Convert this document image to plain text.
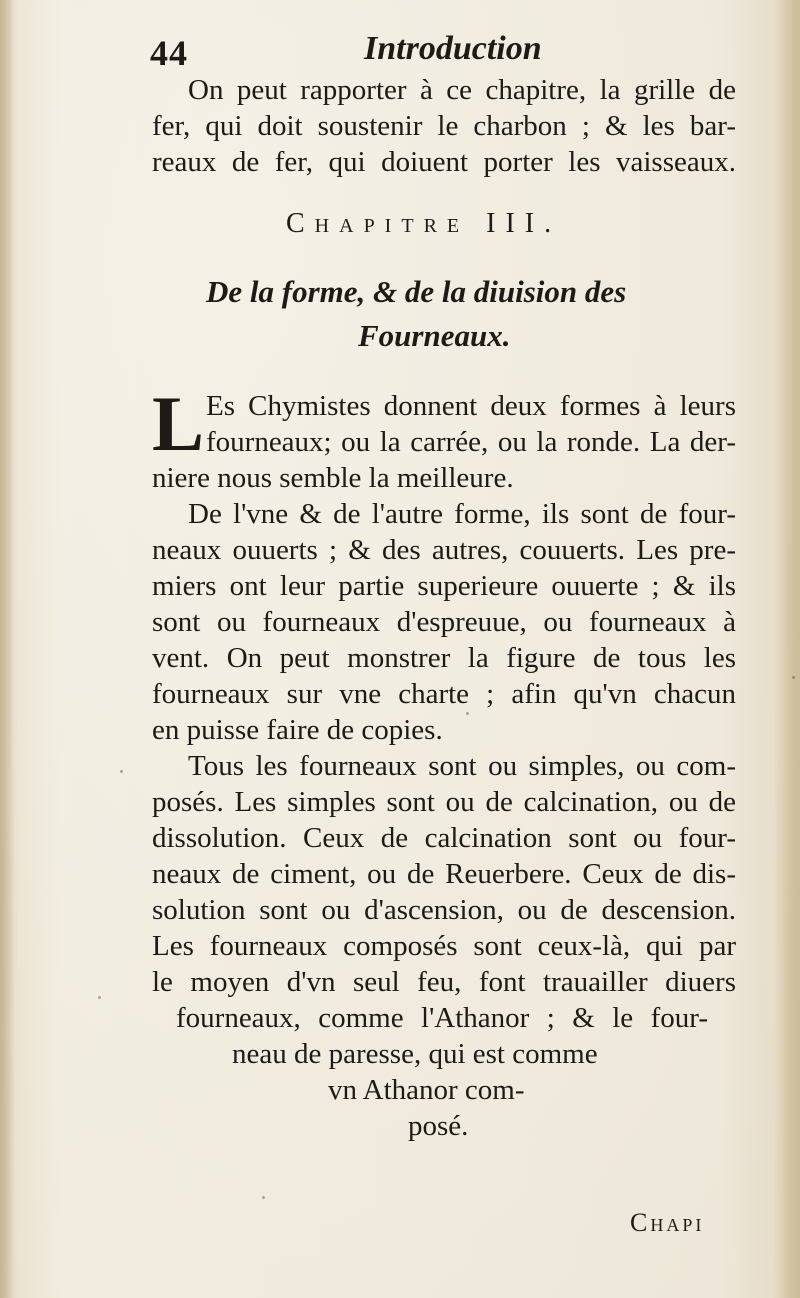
44	Introduction
On peut rapporter à ce chapitre, la grille de
fer, qui doit soustenir le charbon ; & les bar-
reaux de fer, qui doiuent porter les vaisseaux.
Chapitre III.
De la forme, & de la diuision des
Fourneaux.
L Es Chymistes donnent deux formes à leurs
fourneaux; ou la carrée, ou la ronde. La der-
niere nous semble la meilleure.
De l'vne & de l'autre forme, ils sont de four-
neaux ouuerts ; & des autres, couuerts. Les pre-
miers ont leur partie superieure ouuerte ; & ils
sont ou fourneaux d'espreuue, ou fourneaux à
vent. On peut monstrer la figure de tous les
fourneaux sur vne charte ; afin qu'vn chacun
en puisse faire de copies.
Tous les fourneaux sont ou simples, ou com-
posés. Les simples sont ou de calcination, ou de
dissolution. Ceux de calcination sont ou four-
neaux de ciment, ou de Reuerbere. Ceux de dis-
solution sont ou d'ascension, ou de descension.
Les fourneaux composés sont ceux-là, qui par
le moyen d'vn seul feu, font trauailler diuers
fourneaux, comme l'Athanor ; & le four-
neau de paresse, qui est comme
vn Athanor com-
posé.
Chapi
